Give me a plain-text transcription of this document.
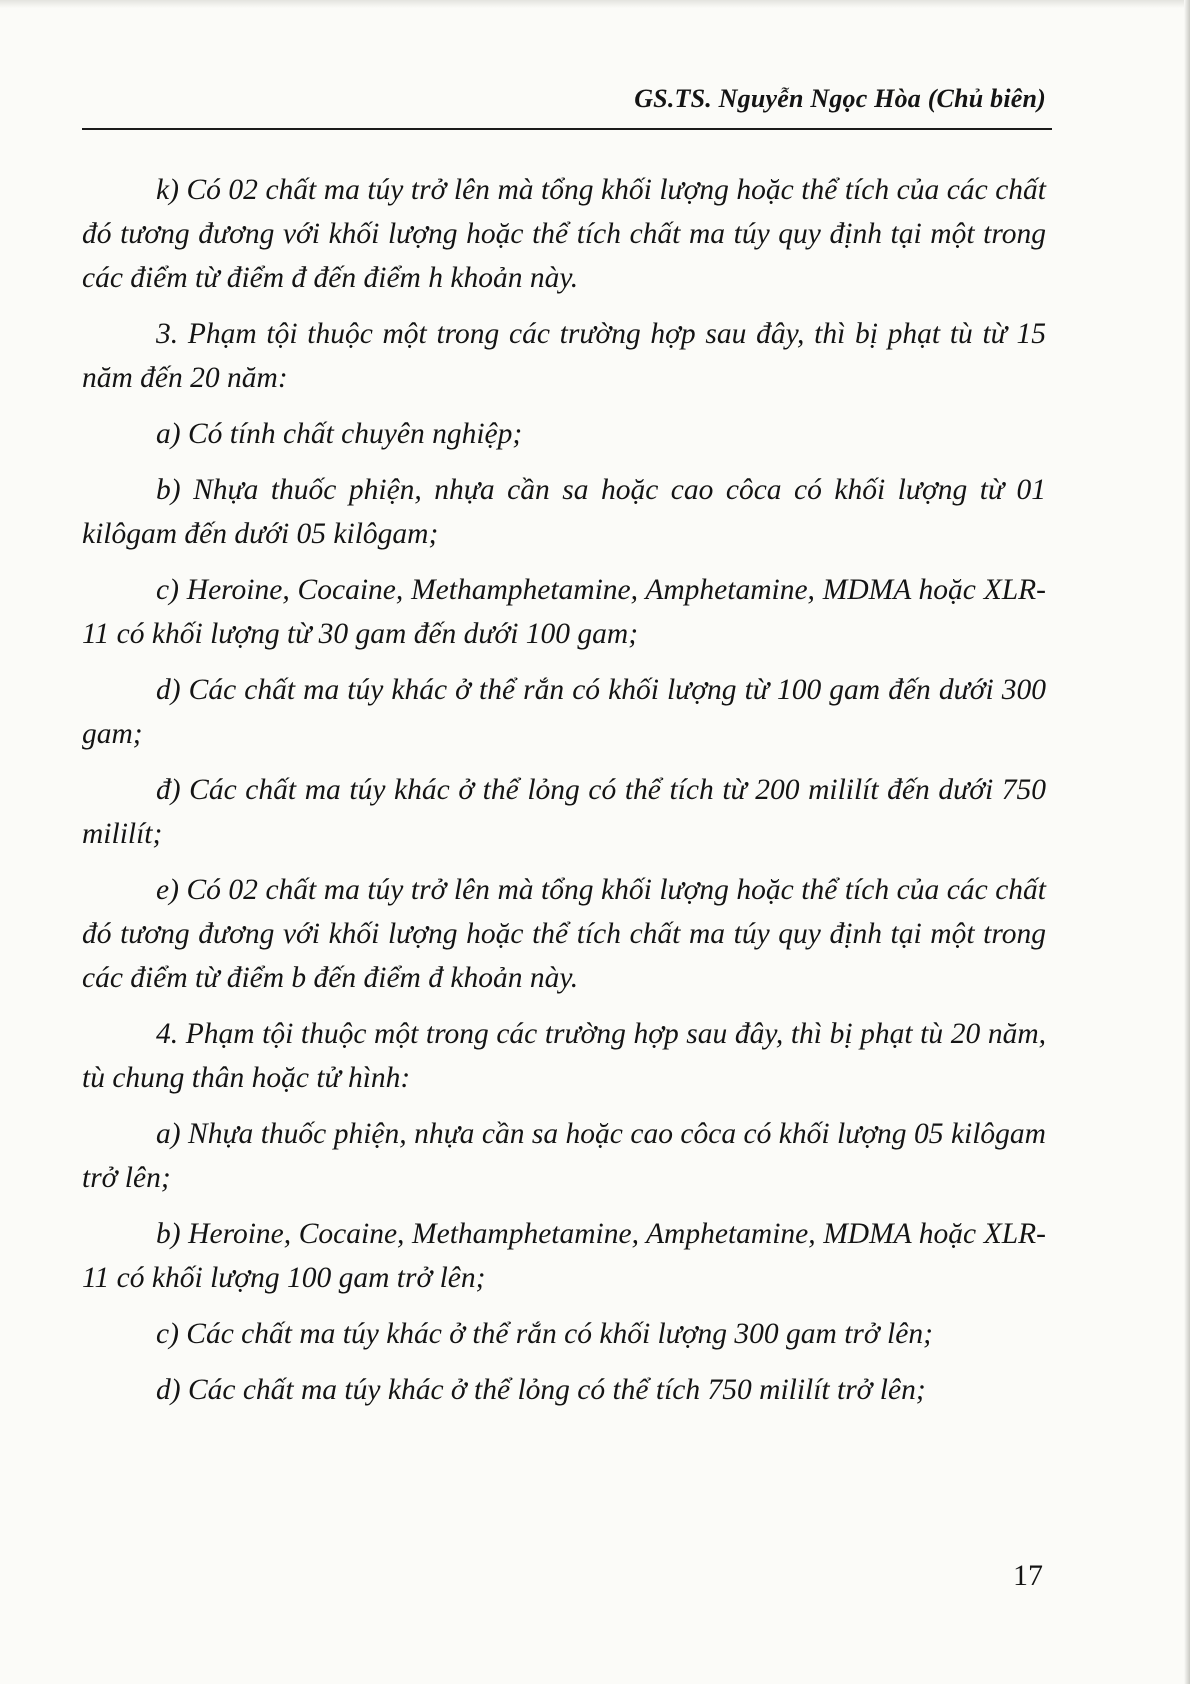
GS.TS. Nguyễn Ngọc Hòa (Chủ biên)

k) Có 02 chất ma túy trở lên mà tổng khối lượng hoặc thể tích của các chất đó tương đương với khối lượng hoặc thể tích chất ma túy quy định tại một trong các điểm từ điểm đ đến điểm h khoản này.

3. Phạm tội thuộc một trong các trường hợp sau đây, thì bị phạt tù từ 15 năm đến 20 năm:

a) Có tính chất chuyên nghiệp;

b) Nhựa thuốc phiện, nhựa cần sa hoặc cao côca có khối lượng từ 01 kilôgam đến dưới 05 kilôgam;

c) Heroine, Cocaine, Methamphetamine, Amphetamine, MDMA hoặc XLR-11 có khối lượng từ 30 gam đến dưới 100 gam;

d) Các chất ma túy khác ở thể rắn có khối lượng từ 100 gam đến dưới 300 gam;

đ) Các chất ma túy khác ở thể lỏng có thể tích từ 200 mililít đến dưới 750 mililít;

e) Có 02 chất ma túy trở lên mà tổng khối lượng hoặc thể tích của các chất đó tương đương với khối lượng hoặc thể tích chất ma túy quy định tại một trong các điểm từ điểm b đến điểm đ khoản này.

4. Phạm tội thuộc một trong các trường hợp sau đây, thì bị phạt tù 20 năm, tù chung thân hoặc tử hình:

a) Nhựa thuốc phiện, nhựa cần sa hoặc cao côca có khối lượng 05 kilôgam trở lên;

b) Heroine, Cocaine, Methamphetamine, Amphetamine, MDMA hoặc XLR-11 có khối lượng 100 gam trở lên;

c) Các chất ma túy khác ở thể rắn có khối lượng 300 gam trở lên;

d) Các chất ma túy khác ở thể lỏng có thể tích 750 mililít trở lên;

17
